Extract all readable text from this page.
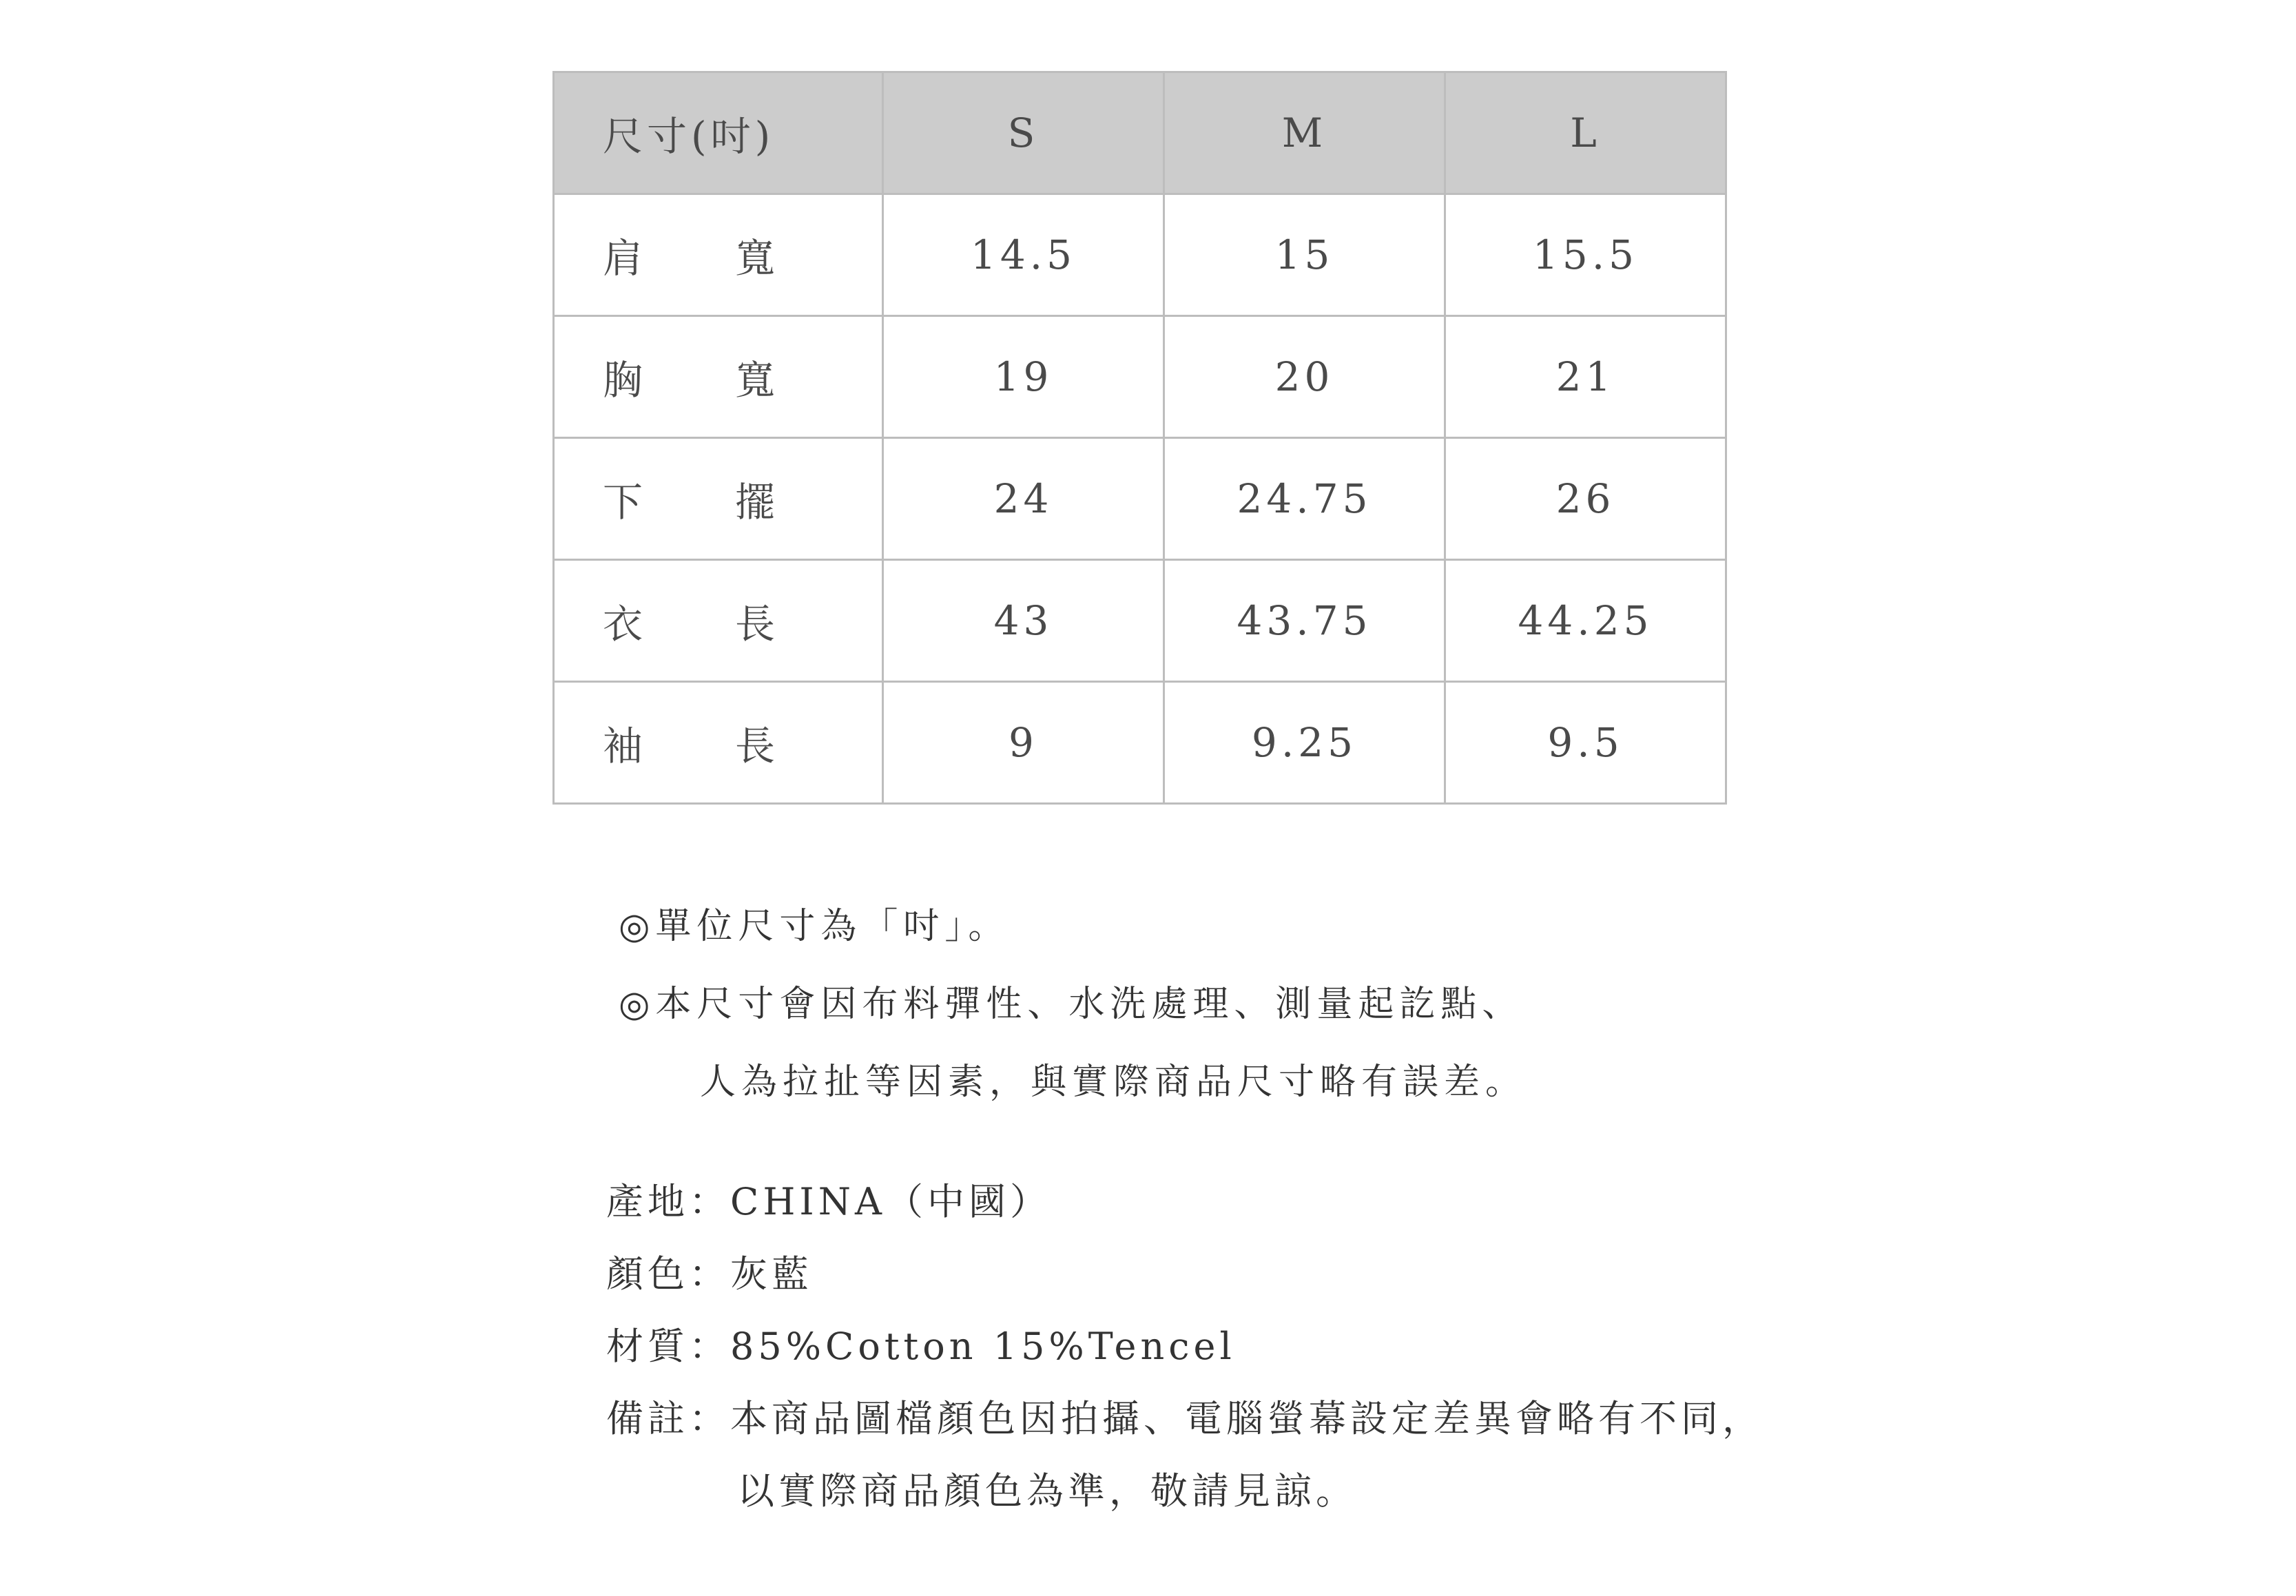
尺寸(吋)	S	M	L

肩 寬	14.5	15	15.5

胸 寬	19	20	21

下 擺	24	24.75	26

衣 長	43	43.75	44.25

袖 長	9	9.25	9.5
◎單位尺寸為「吋」。
◎本尺寸會因布料彈性、水洗處理、測量起訖點、
人為拉扯等因素，與實際商品尺寸略有誤差。
產地：CHINA（中國）
顏色：灰藍
材質：85%Cotton 15%Tencel
備註：本商品圖檔顏色因拍攝、電腦螢幕設定差異會略有不同，
以實際商品顏色為準，敬請見諒。
